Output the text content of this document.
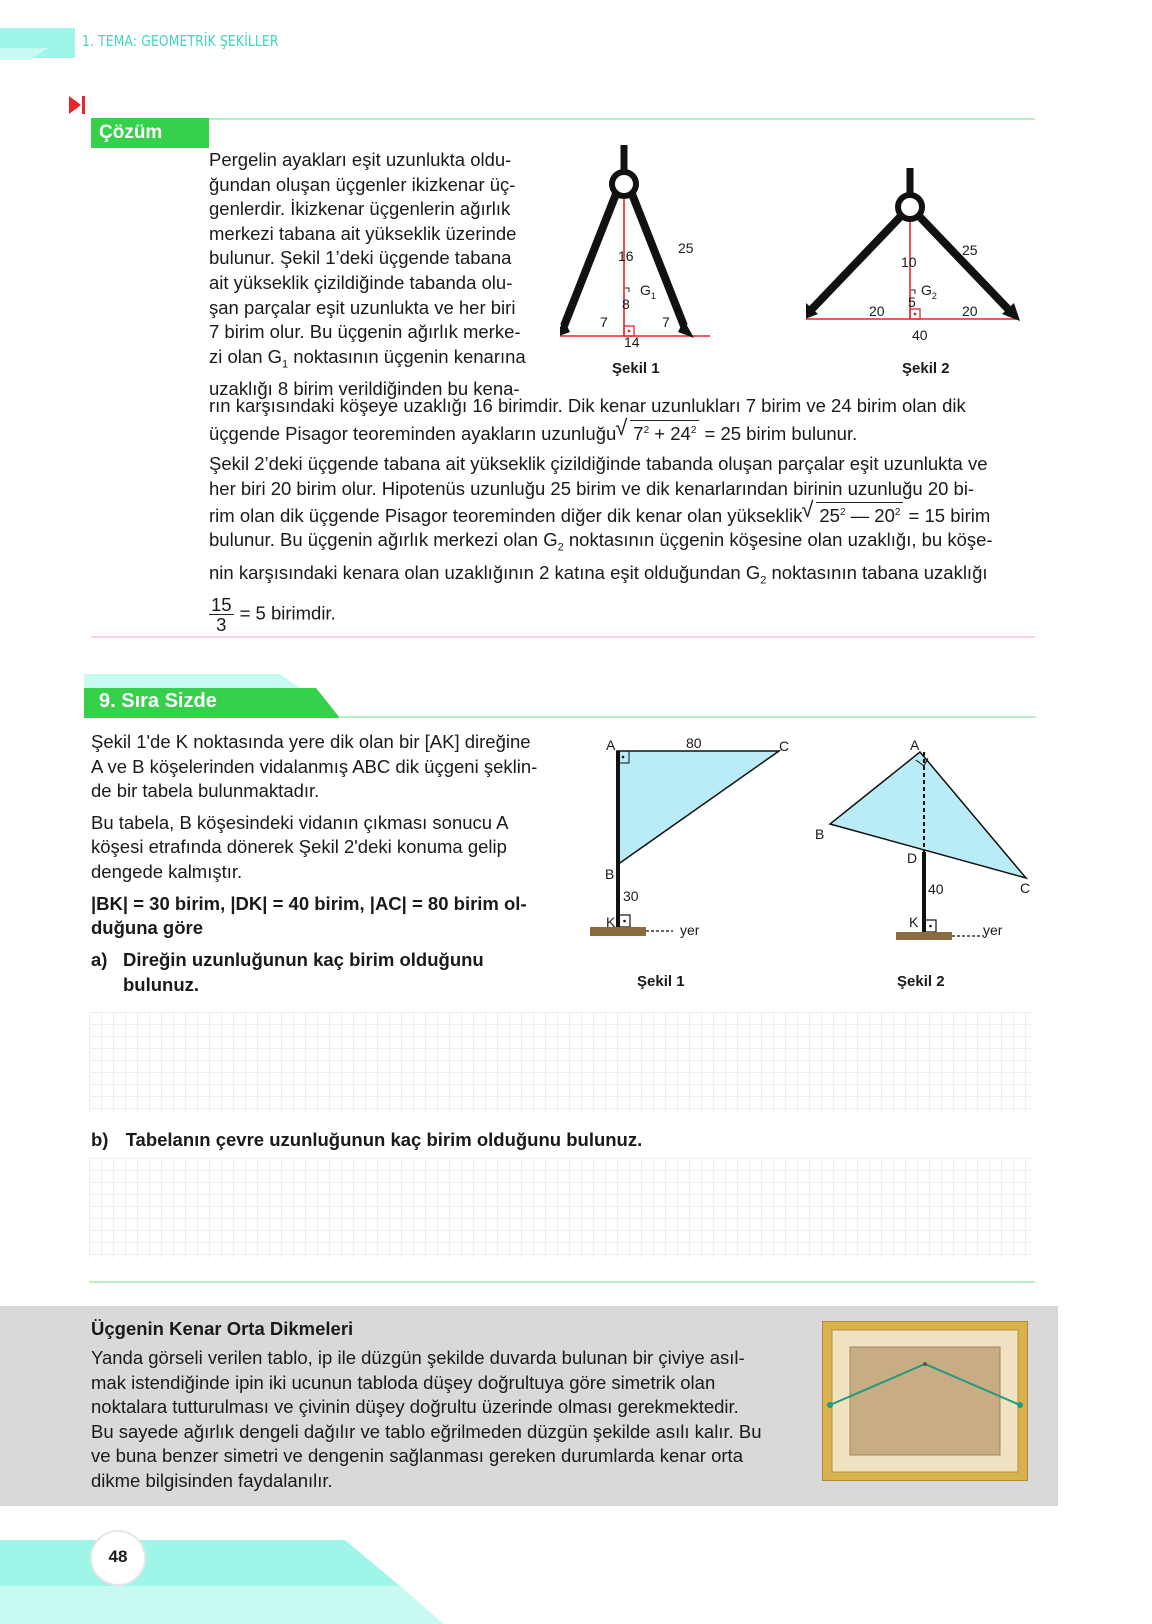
1. TEMA: GEOMETRİK ŞEKİLLER
Çözüm

Pergelin ayakları eşit uzunlukta oldu-

ğundan oluşan üçgenler ikizkenar üç-

genlerdir. İkizkenar üçgenlerin ağırlık

merkezi tabana ait yükseklik üzerinde

bulunur. Şekil 1’deki üçgende tabana

ait yükseklik çizildiğinde tabanda olu-

şan parçalar eşit uzunlukta ve her biri

7 birim olur. Bu üçgenin ağırlık merke-

zi olan $G_1$ noktasının üçgenin kenarına

uzaklığı 8 birim verildiğinden bu kena-

rın karşısındaki köşeye uzaklığı 16 birimdir. Dik kenar uzunlukları 7 birim ve 24 birim olan dik

üçgende Pisagor teoreminden ayakların uzunluğu √ $7^2 + 24^2 = 25$ birim bulunur.

Şekil 2’deki üçgende tabana ait yükseklik çizildiğinde tabanda oluşan parçalar eşit uzunlukta ve

her biri 20 birim olur. Hipotenüs uzunluğu 25 birim ve dik kenarlarından birinin uzunluğu 20 bi-

rim olan dik üçgende Pisagor teoreminden diğer dik kenar olan yükseklik √ $25^2$ — $20^2 = 15$ birim

bulunur. Bu üçgenin ağırlık merkezi olan $G_2$ noktasının üçgenin köşesine olan uzaklığı, bu köşe-

nin karşısındaki kenara olan uzaklığının 2 katına eşit olduğundan $G_2$ noktasının tabana uzaklığı

$\frac{15}{3} = 5$ birimdir.

16	25
8
$G_1$
7	7
14
Şekil 1
10
25
5
$G_2$
20	20
40
Şekil 2
9. Sıra Sizde

Şekil 1'de K noktasında yere dik olan bir [AK] direğine

A ve B köşelerinden vidalanmış ABC dik üçgeni şeklin-

de bir tabela bulunmaktadır.

Bu tabela, B köşesindeki vidanın çıkması sonucu A

köşesi etrafında dönerek Şekil 2'deki konuma gelip

dengede kalmıştır.

|BK| = 30 birim, |DK| = 40 birim, |AC| = 80 birim ol-

duğuna göre

a) Direğin uzunluğunun kaç birim olduğunu

bulunuz.

A	80	C
B
30
K	yer
Şekil 1
A
B
D
40	C
K	yer
Şekil 2
b) Tabelanın çevre uzunluğunun kaç birim olduğunu bulunuz.
Üçgenin Kenar Orta Dikmeleri

Yanda görseli verilen tablo, ip ile düzgün şekilde duvarda bulunan bir çiviye asıl-

mak istendiğinde ipin iki ucunun tabloda düşey doğrultuya göre simetrik olan

noktalara tutturulması ve çivinin düşey doğrultu üzerinde olması gerekmektedir.

Bu sayede ağırlık dengeli dağılır ve tablo eğrilmeden düzgün şekilde asılı kalır. Bu

ve buna benzer simetri ve dengenin sağlanması gereken durumlarda kenar orta

dikme bilgisinden faydalanılır.

48
